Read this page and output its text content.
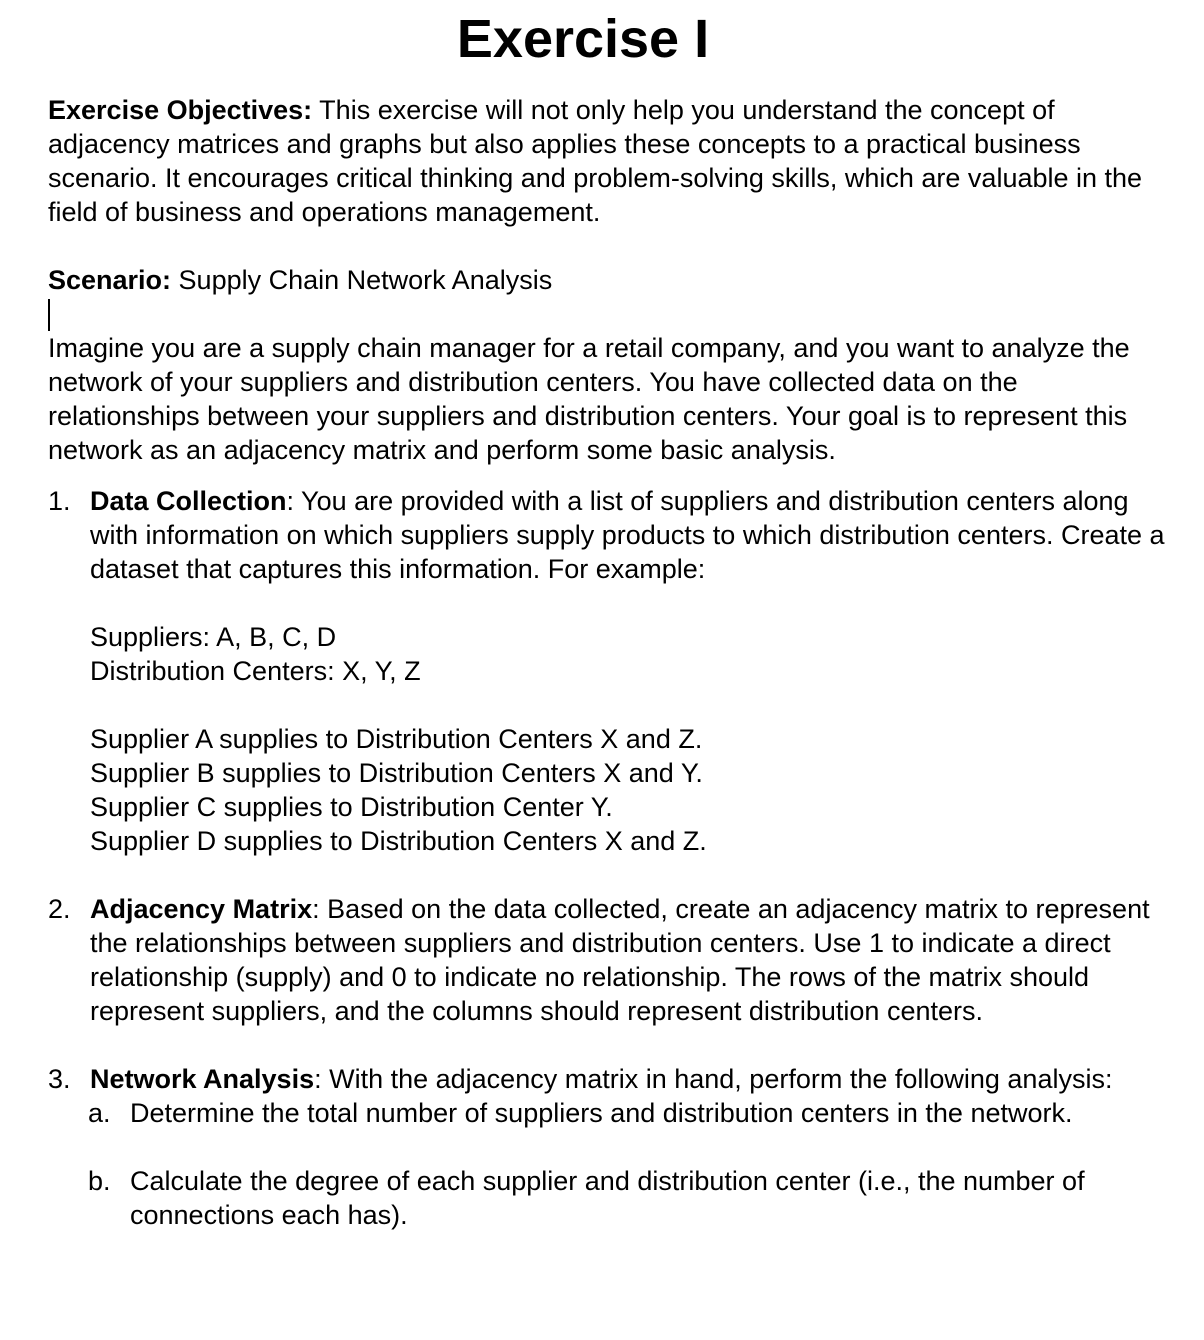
Exercise I

Exercise Objectives: This exercise will not only help you understand the concept of adjacency matrices and graphs but also applies these concepts to a practical business scenario. It encourages critical thinking and problem-solving skills, which are valuable in the field of business and operations management.

Scenario: Supply Chain Network Analysis

Imagine you are a supply chain manager for a retail company, and you want to analyze the network of your suppliers and distribution centers. You have collected data on the relationships between your suppliers and distribution centers. Your goal is to represent this network as an adjacency matrix and perform some basic analysis.

1. Data Collection: You are provided with a list of suppliers and distribution centers along with information on which suppliers supply products to which distribution centers. Create a dataset that captures this information. For example:
Suppliers: A, B, C, D
Distribution Centers: X, Y, Z
Supplier A supplies to Distribution Centers X and Z.
Supplier B supplies to Distribution Centers X and Y.
Supplier C supplies to Distribution Center Y.
Supplier D supplies to Distribution Centers X and Z.
2. Adjacency Matrix: Based on the data collected, create an adjacency matrix to represent the relationships between suppliers and distribution centers. Use 1 to indicate a direct relationship (supply) and 0 to indicate no relationship. The rows of the matrix should represent suppliers, and the columns should represent distribution centers.
3. Network Analysis: With the adjacency matrix in hand, perform the following analysis:
a. Determine the total number of suppliers and distribution centers in the network.
b. Calculate the degree of each supplier and distribution center (i.e., the number of connections each has).
